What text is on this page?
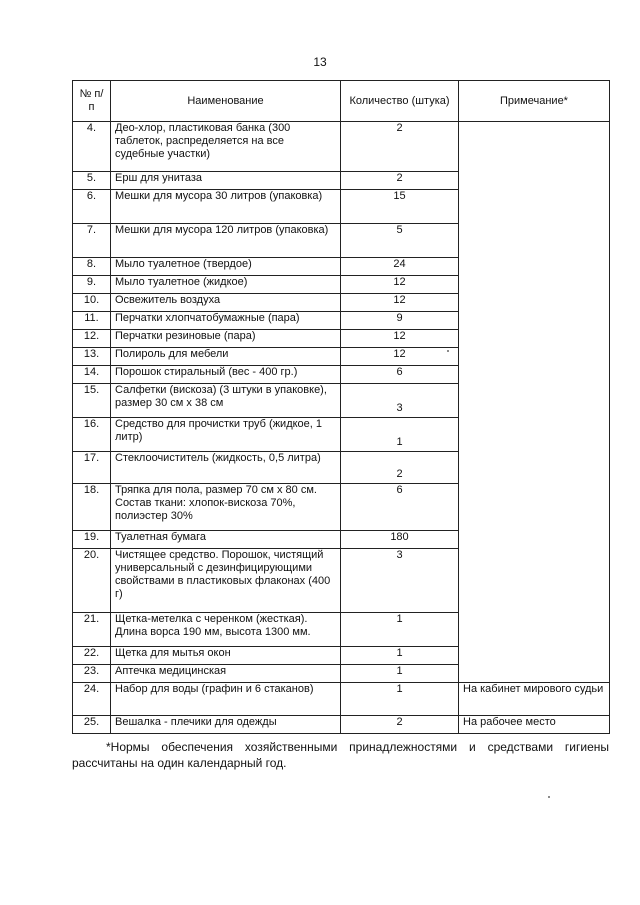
13
№ п/п	Наименование	Количество (штука)	Примечание*
4.	Део-хлор, пластиковая банка (300 таблеток, распределяется на все судебные участки)	2	
5.	Ерш для унитаза	2	
6.	Мешки для мусора 30 литров (упаковка)	15	
7.	Мешки для мусора 120 литров (упаковка)	5	
8.	Мыло туалетное (твердое)	24	
9.	Мыло туалетное (жидкое)	12	
10.	Освежитель воздуха	12	
11.	Перчатки хлопчатобумажные (пара)	9	
12.	Перчатки резиновые (пара)	12	
13.	Полироль для мебели	12	
14.	Порошок стиральный (вес - 400 гр.)	6	
15.	Салфетки (вискоза) (3 штуки в упаковке), размер 30 см х 38 см	3	
16.	Средство для прочистки труб (жидкое, 1 литр)	1	
17.	Стеклоочиститель (жидкость, 0,5 литра)	2	
18.	Тряпка для пола, размер 70 см х 80 см. Состав ткани: хлопок-вискоза 70%, полиэстер 30%	6	
19.	Туалетная бумага	180	
20.	Чистящее средство. Порошок, чистящий универсальный с дезинфицирующими свойствами в пластиковых флаконах (400 г)	3	
21.	Щетка-метелка с черенком (жесткая). Длина ворса 190 мм, высота 1300 мм.	1	
22.	Щетка для мытья окон	1	
23.	Аптечка медицинская	1	
24.	Набор для воды (графин и 6 стаканов)	1	На кабинет мирового судьи
25.	Вешалка - плечики для одежды	2	На рабочее место
*Нормы обеспечения хозяйственными принадлежностями и средствами гигиены рассчитаны на один календарный год.
